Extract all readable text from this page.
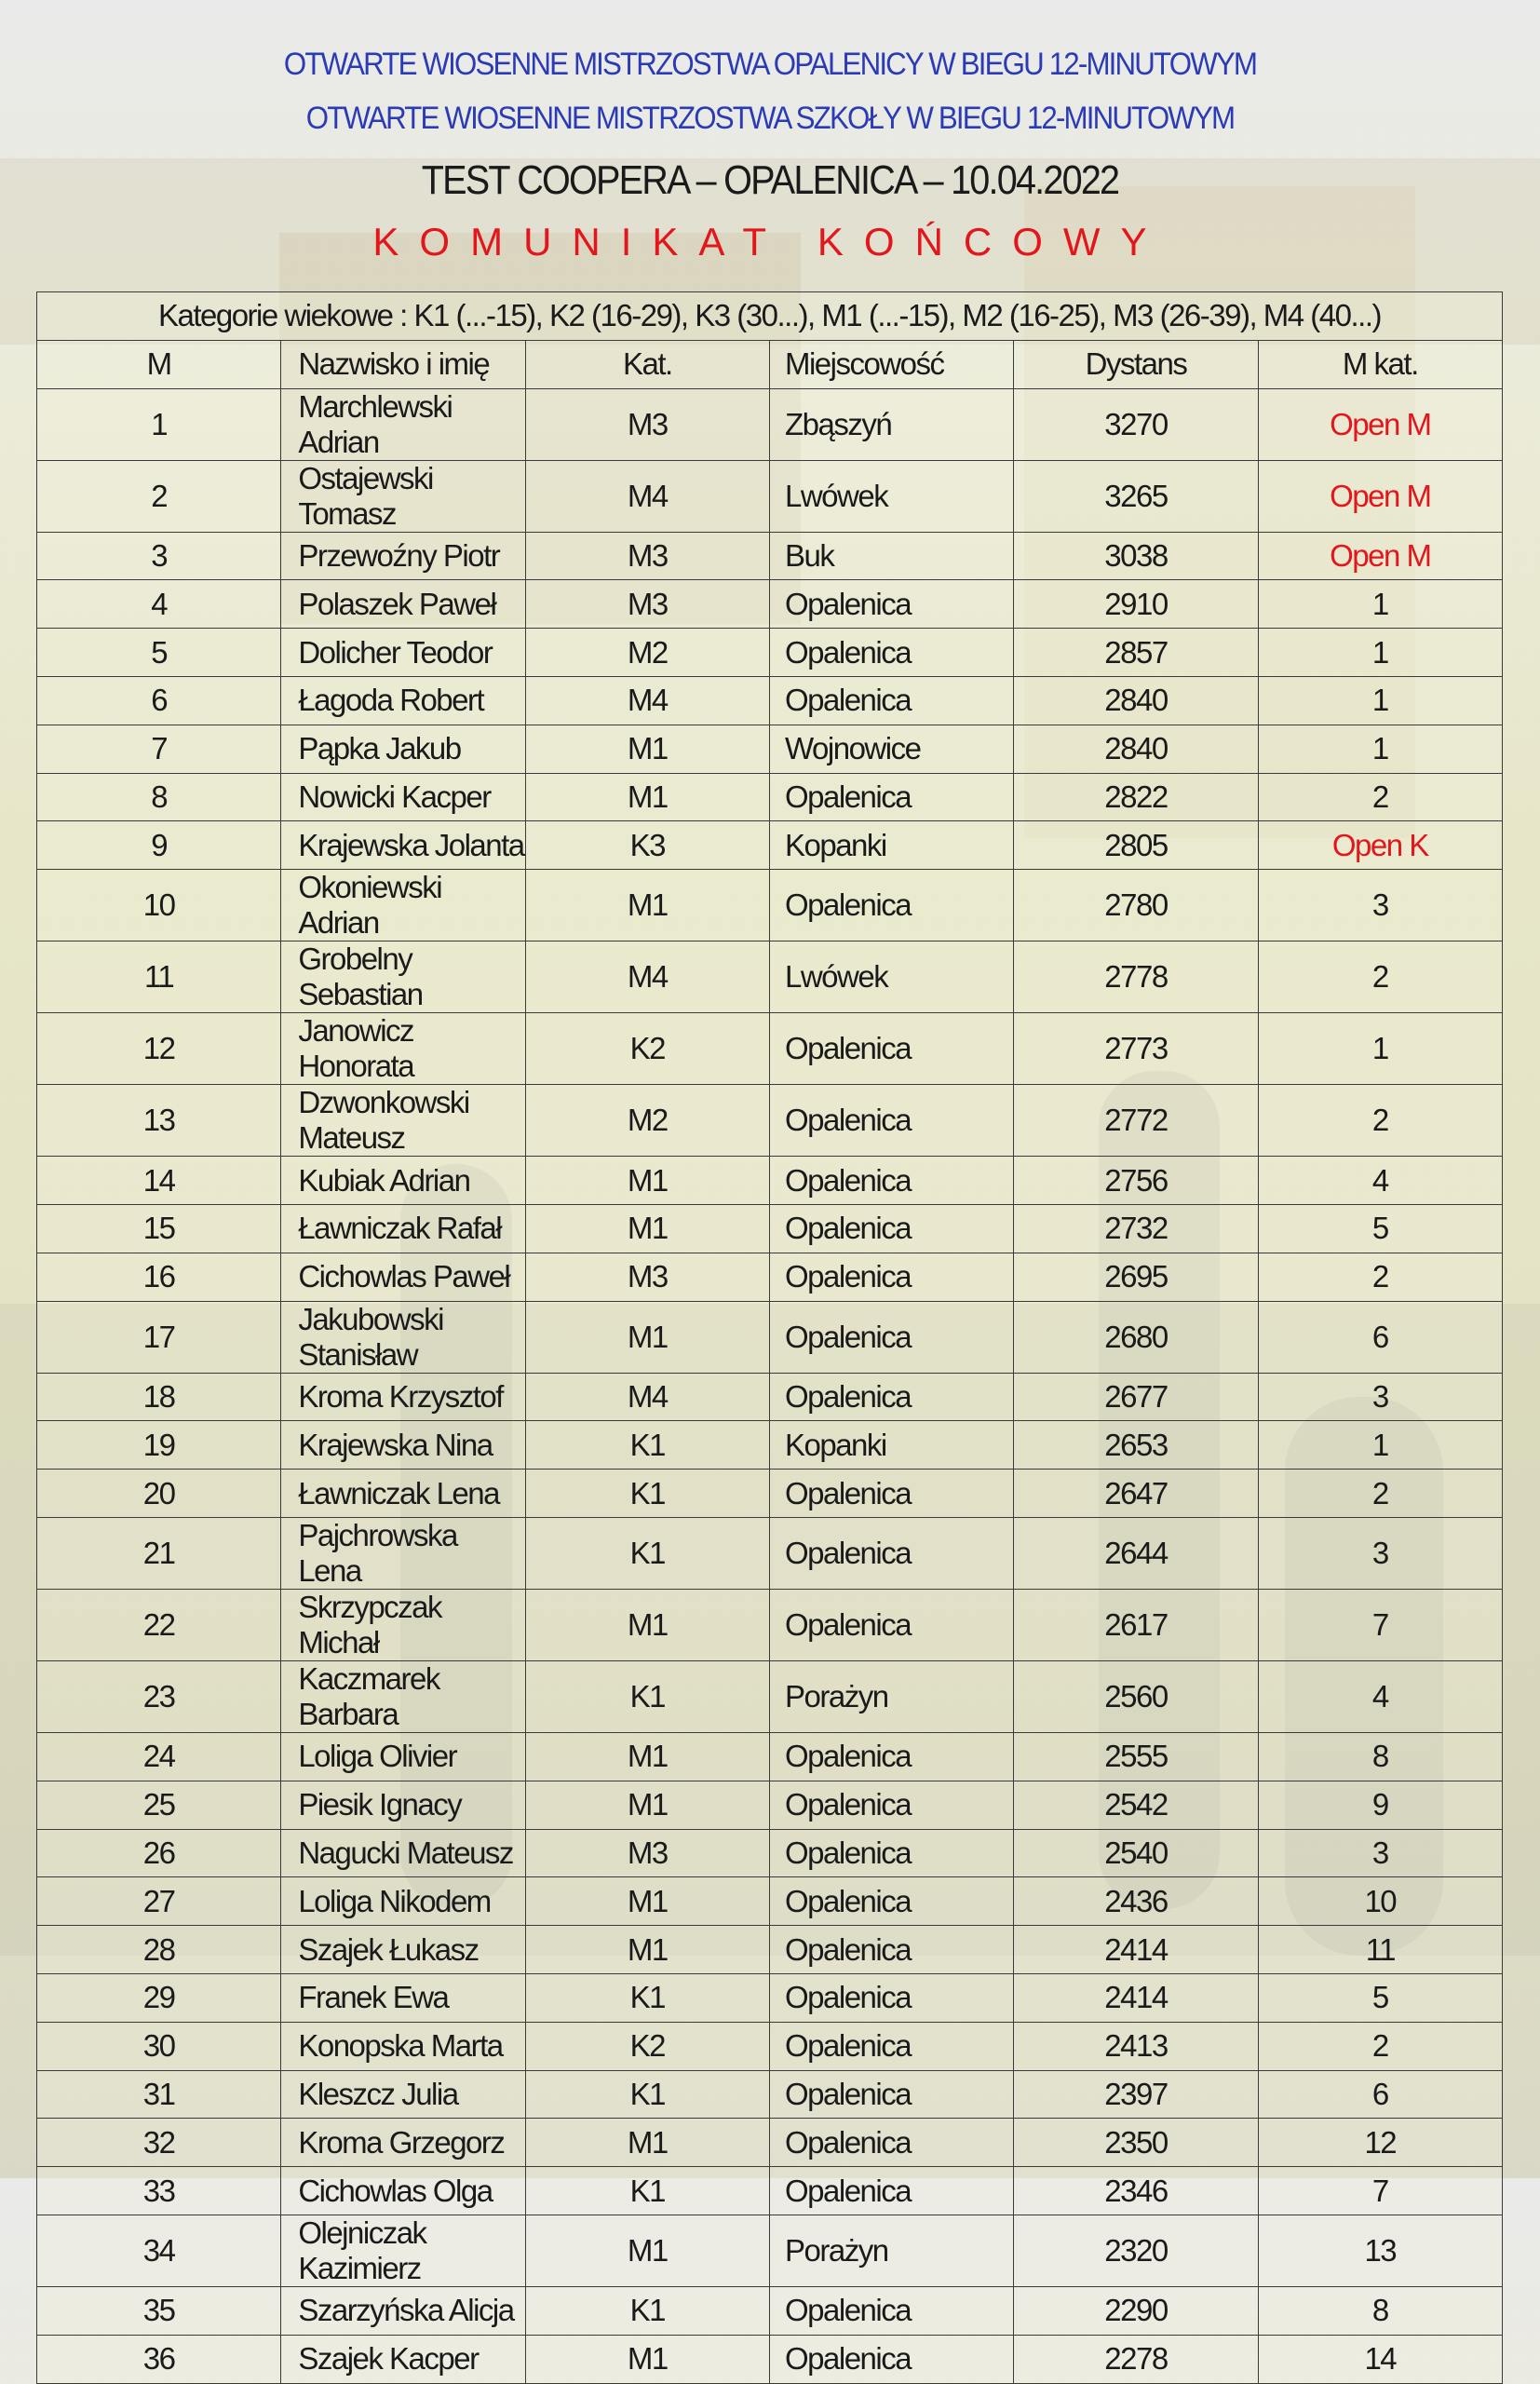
OTWARTE WIOSENNE MISTRZOSTWA OPALENICY W BIEGU 12-MINUTOWYM
OTWARTE WIOSENNE MISTRZOSTWA SZKOŁY W BIEGU 12-MINUTOWYM
TEST COOPERA – OPALENICA – 10.04.2022
KOMUNIKAT KOŃCOWY
Kategorie wiekowe : K1 (...-15), K2 (16-29), K3 (30...), M1 (...-15), M2 (16-25), M3 (26-39), M4 (40...)					
M	Nazwisko i imię	Kat.	Miejscowość	Dystans	M kat.
1	Marchlewski Adrian	M3	Zbąszyń	3270	Open M
2	Ostajewski Tomasz	M4	Lwówek	3265	Open M
3	Przewoźny Piotr	M3	Buk	3038	Open M
4	Polaszek Paweł	M3	Opalenica	2910	1
5	Dolicher Teodor	M2	Opalenica	2857	1
6	Łagoda Robert	M4	Opalenica	2840	1
7	Pąpka Jakub	M1	Wojnowice	2840	1
8	Nowicki Kacper	M1	Opalenica	2822	2
9	Krajewska Jolanta	K3	Kopanki	2805	Open K
10	Okoniewski Adrian	M1	Opalenica	2780	3
11	Grobelny Sebastian	M4	Lwówek	2778	2
12	Janowicz Honorata	K2	Opalenica	2773	1
13	Dzwonkowski Mateusz	M2	Opalenica	2772	2
14	Kubiak Adrian	M1	Opalenica	2756	4
15	Ławniczak Rafał	M1	Opalenica	2732	5
16	Cichowlas Paweł	M3	Opalenica	2695	2
17	Jakubowski Stanisław	M1	Opalenica	2680	6
18	Kroma Krzysztof	M4	Opalenica	2677	3
19	Krajewska Nina	K1	Kopanki	2653	1
20	Ławniczak Lena	K1	Opalenica	2647	2
21	Pajchrowska Lena	K1	Opalenica	2644	3
22	Skrzypczak Michał	M1	Opalenica	2617	7
23	Kaczmarek Barbara	K1	Porażyn	2560	4
24	Loliga Olivier	M1	Opalenica	2555	8
25	Piesik Ignacy	M1	Opalenica	2542	9
26	Nagucki Mateusz	M3	Opalenica	2540	3
27	Loliga Nikodem	M1	Opalenica	2436	10
28	Szajek Łukasz	M1	Opalenica	2414	11
29	Franek Ewa	K1	Opalenica	2414	5
30	Konopska Marta	K2	Opalenica	2413	2
31	Kleszcz Julia	K1	Opalenica	2397	6
32	Kroma Grzegorz	M1	Opalenica	2350	12
33	Cichowlas Olga	K1	Opalenica	2346	7
34	Olejniczak Kazimierz	M1	Porażyn	2320	13
35	Szarzyńska Alicja	K1	Opalenica	2290	8
36	Szajek Kacper	M1	Opalenica	2278	14
